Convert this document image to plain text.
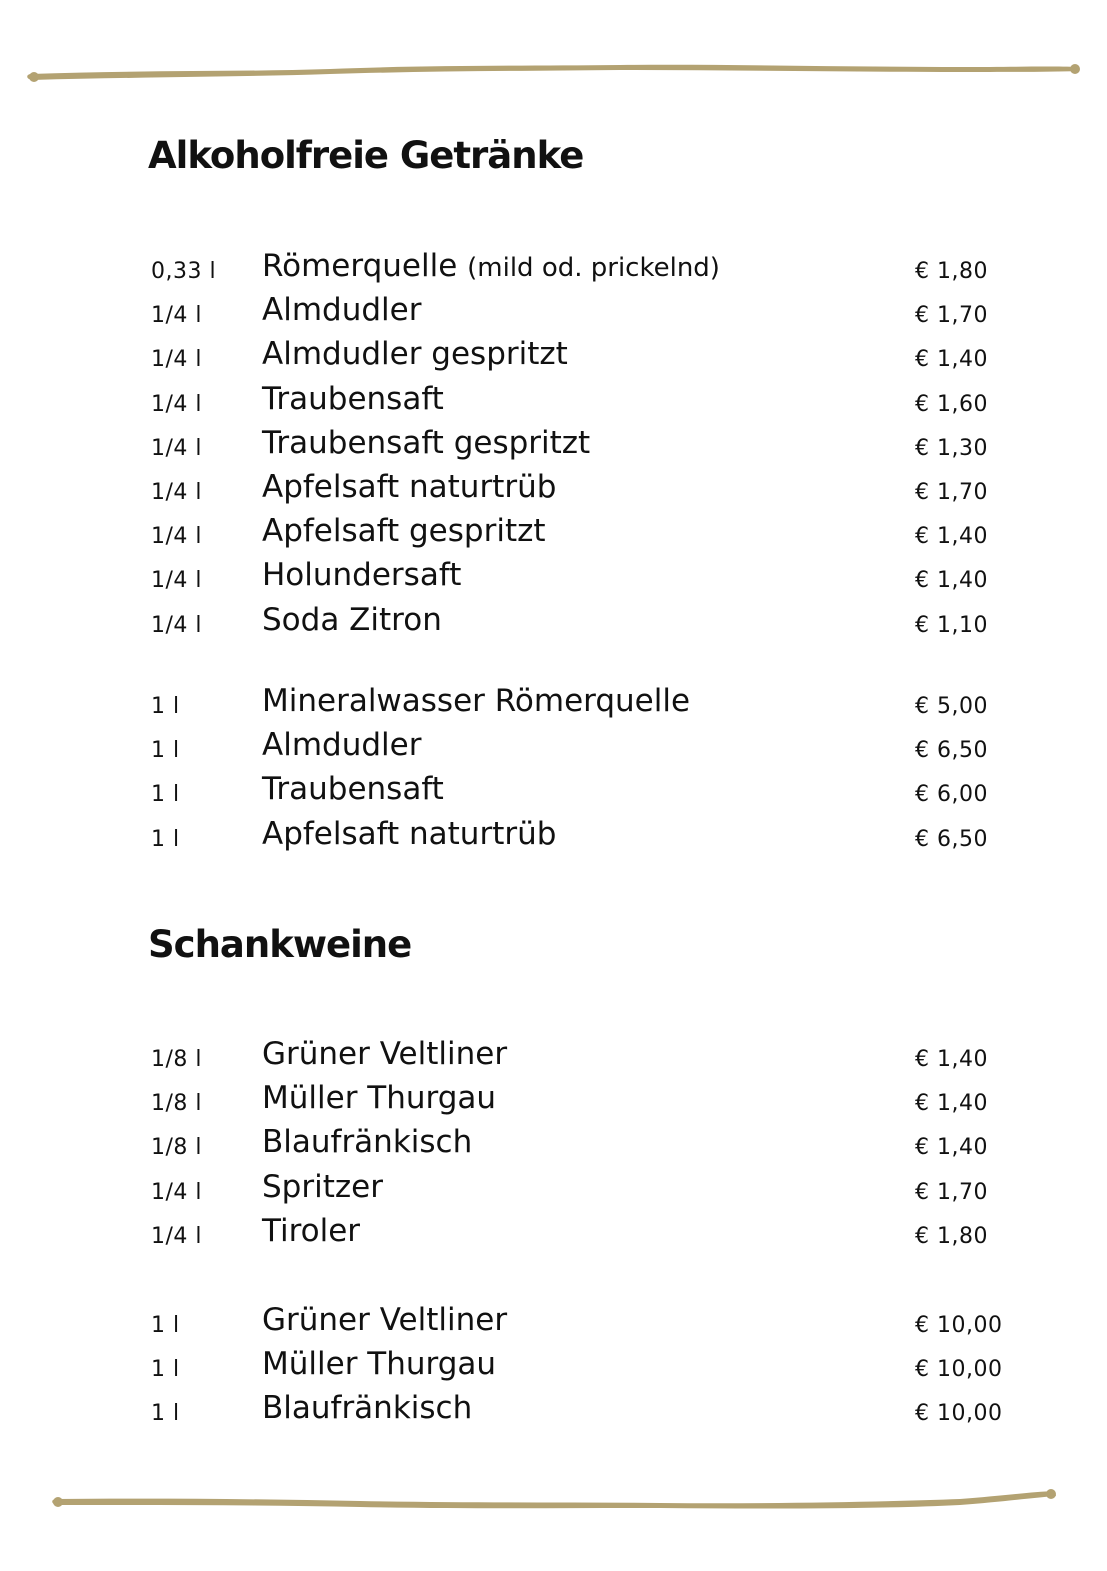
Alkoholfreie Getränke
0,33 l Römerquelle (mild od. prickelnd)	€ 1,80
1/4 l Almdudler	€ 1,70
1/4 l Almdudler gespritzt	€ 1,40
1/4 l Traubensaft	€ 1,60
1/4 l Traubensaft gespritzt	€ 1,30
1/4 l Apfelsaft naturtrüb	€ 1,70
1/4 l Apfelsaft gespritzt	€ 1,40
1/4 l Holundersaft	€ 1,40
1/4 l Soda Zitron	€ 1,10
1 l	Mineralwasser Römerquelle	€ 5,00
1 l	Almdudler	€ 6,50
1 l	Traubensaft	€ 6,00
1 l	Apfelsaft naturtrüb	€ 6,50
Schankweine
1/8 l Grüner Veltliner	€ 1,40
1/8 l Müller Thurgau	€ 1,40
1/8 l Blaufränkisch	€ 1,40
1/4 l Spritzer	€ 1,70
1/4 l Tiroler	€ 1,80
1 l	Grüner Veltliner	€ 10,00
1 l	Müller Thurgau	€ 10,00
1 l	Blaufränkisch	€ 10,00
